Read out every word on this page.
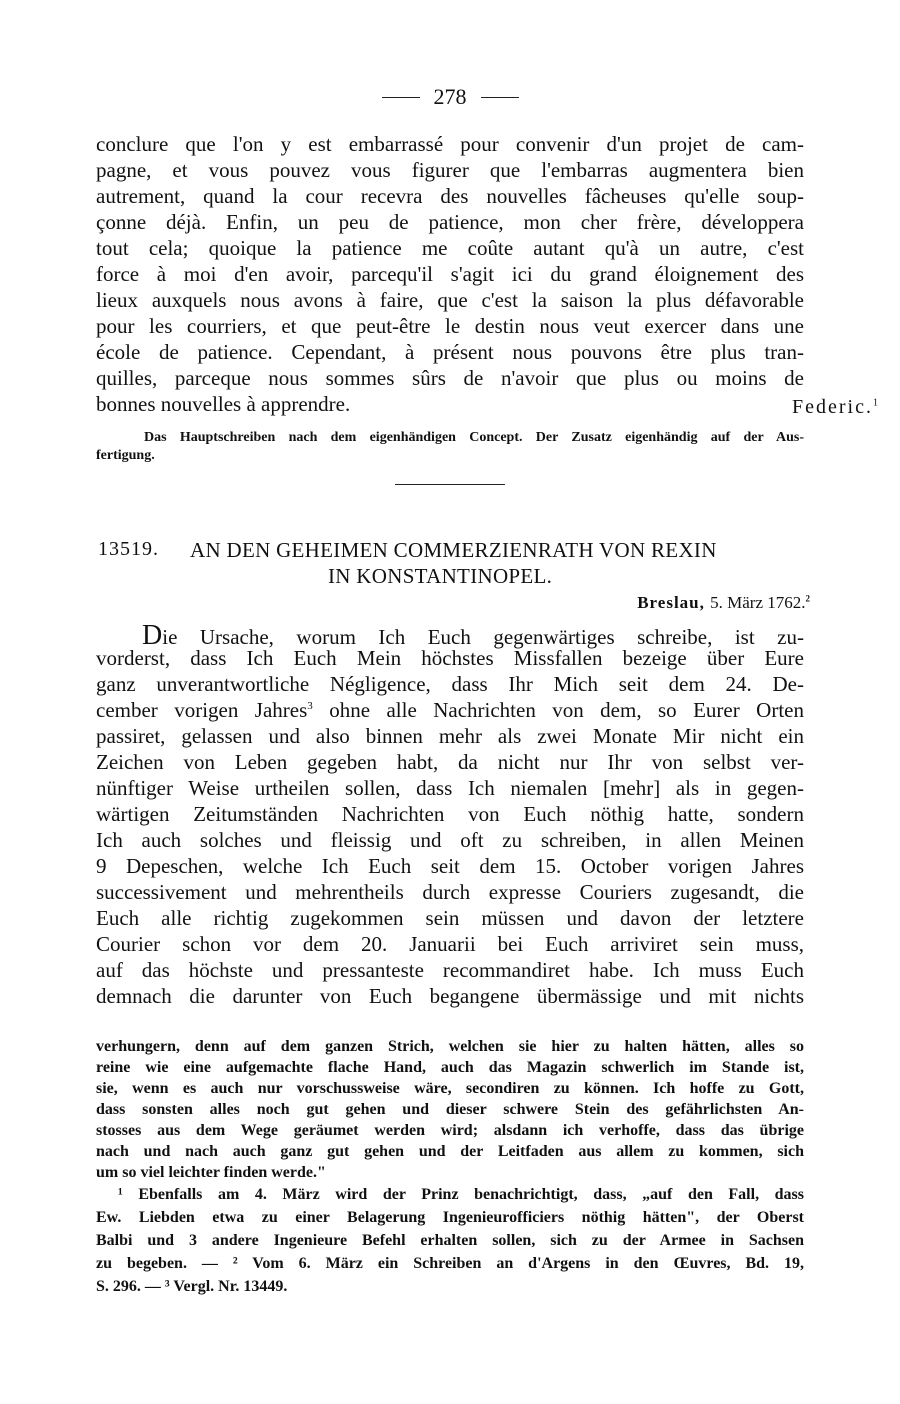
278
conclure que l'on y est embarrassé pour convenir d'un projet de cam-
pagne, et vous pouvez vous figurer que l'embarras augmentera bien
autrement, quand la cour recevra des nouvelles fâcheuses qu'elle soup-
çonne déjà. Enfin, un peu de patience, mon cher frère, développera
tout cela; quoique la patience me coûte autant qu'à un autre, c'est
force à moi d'en avoir, parcequ'il s'agit ici du grand éloignement des
lieux auxquels nous avons à faire, que c'est la saison la plus défavorable
pour les courriers, et que peut-être le destin nous veut exercer dans une
école de patience. Cependant, à présent nous pouvons être plus tran-
quilles, parceque nous sommes sûrs de n'avoir que plus ou moins de
bonnes nouvelles à apprendre.	Federic.$^1$
Das Hauptschreiben nach dem eigenhändigen Concept. Der Zusatz eigenhändig auf der Aus-
fertigung.
13519. AN DEN GEHEIMEN COMMERZIENRATH VON REXIN
IN KONSTANTINOPEL.
Breslau, 5. März 1762.$^2$
Die Ursache, worum Ich Euch gegenwärtiges schreibe, ist zu-
vorderst, dass Ich Euch Mein höchstes Missfallen bezeige über Eure
ganz unverantwortliche Négligence, dass Ihr Mich seit dem 24. De-
cember vorigen Jahres$^3$ ohne alle Nachrichten von dem, so Eurer Orten
passiret, gelassen und also binnen mehr als zwei Monate Mir nicht ein
Zeichen von Leben gegeben habt, da nicht nur Ihr von selbst ver-
nünftiger Weise urtheilen sollen, dass Ich niemalen [mehr] als in gegen-
wärtigen Zeitumständen Nachrichten von Euch nöthig hatte, sondern
Ich auch solches und fleissig und oft zu schreiben, in allen Meinen
9 Depeschen, welche Ich Euch seit dem 15. October vorigen Jahres
successivement und mehrentheils durch expresse Couriers zugesandt, die
Euch alle richtig zugekommen sein müssen und davon der letztere
Courier schon vor dem 20. Januarii bei Euch arriviret sein muss,
auf das höchste und pressanteste recommandiret habe. Ich muss Euch
demnach die darunter von Euch begangene übermässige und mit nichts
verhungern, denn auf dem ganzen Strich, welchen sie hier zu halten hätten, alles so
reine wie eine aufgemachte flache Hand, auch das Magazin schwerlich im Stande ist,
sie, wenn es auch nur vorschussweise wäre, secondiren zu können. Ich hoffe zu Gott,
dass sonsten alles noch gut gehen und dieser schwere Stein des gefährlichsten An-
stosses aus dem Wege geräumet werden wird; alsdann ich verhoffe, dass das übrige
nach und nach auch ganz gut gehen und der Leitfaden aus allem zu kommen, sich
um so viel leichter finden werde."
¹ Ebenfalls am 4. März wird der Prinz benachrichtigt, dass, „auf den Fall, dass
Ew. Liebden etwa zu einer Belagerung Ingenieurofficiers nöthig hätten", der Oberst
Balbi und 3 andere Ingenieure Befehl erhalten sollen, sich zu der Armee in Sachsen
zu begeben. — ² Vom 6. März ein Schreiben an d'Argens in den Œuvres, Bd. 19,
S. 296. — ³ Vergl. Nr. 13449.
